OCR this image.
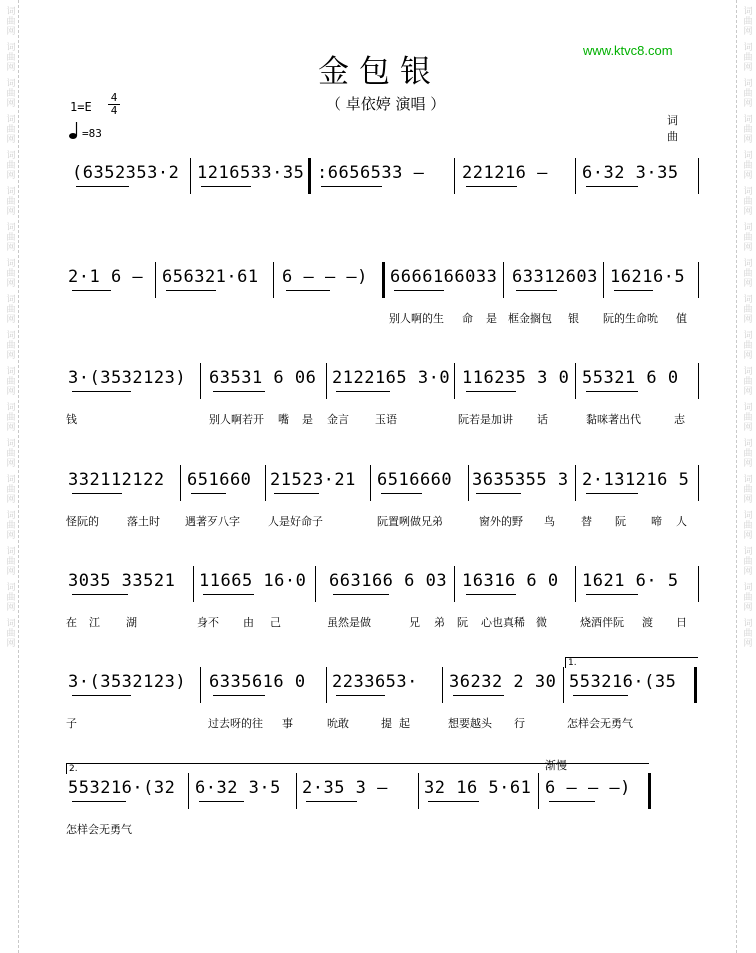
词曲网
词曲网
词曲网
词曲网
词曲网
词曲网
词曲网
词曲网
词曲网
词曲网
词曲网
词曲网
词曲网
词曲网
词曲网
词曲网
词曲网
词曲网
词曲网
词曲网
词曲网
词曲网
词曲网
词曲网
词曲网
词曲网
词曲网
词曲网
词曲网
词曲网
词曲网
词曲网
词曲网
词曲网
词曲网
词曲网
www.ktvc8.com
金包银
（ 卓依婷 演唱 ）
1=E
4
4
=83
词
曲
(6352353·2	1216533·35 :6656533 –	221216 –	6·32 3·35
2·1 6 –	656321·61	6 – – –)	6666166033 63312603 16216·5
别人啊的生 命 是 框金搁包 银 阮的生命吮 值
3·(3532123)	63531 6 06 2122165 3·0 116235 3 0 55321 6 0
钱	别人啊若开 嘴 是 金言 玉语	阮若是加讲 话	黏咪著出代	志
332112122	651660	21523·21	6516660	3635355 3 2·131216 5
怪阮的	落土时 遇著歹八字	人是好命子	阮置咧做兄弟	窗外的野 鸟 替 阮 啼 人
3035 33521	11665 16·0 663166 6 03 16316 6 0	1621 6· 5
在 江 湖	身不 由 己	虽然是做	兄 弟 阮 心也真稀 微	烧酒伴阮 渡 日
3·(3532123)	6335616 0	2233653·	36232 2 30 553216·(35
子	过去呀的往 事	吮敢	提 起	想要越头 行	怎样会无勇气
1.
553216·(32	6·32 3·5	2·35 3 –	32 16 5·61 6 – – –)
怎样会无勇气
2.	渐慢
